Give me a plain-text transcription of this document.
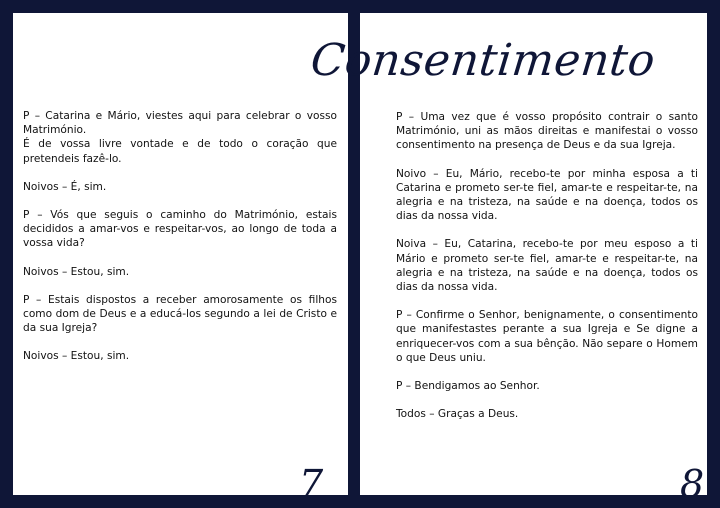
P – Catarina e Mário, viestes aqui para celebrar o vosso Matrimónio.
É de vossa livre vontade e de todo o coração que pretendeis fazê-lo.

Noivos – É, sim.

P – Vós que seguis o caminho do Matrimónio, estais decididos a amar-vos e respeitar-vos, ao longo de toda a vossa vida?

Noivos – Estou, sim.

P – Estais dispostos a receber amorosamente os filhos como dom de Deus e a educá-los segundo a lei de Cristo e da sua Igreja?

Noivos – Estou, sim.

7
Consentimento

P – Uma vez que é vosso propósito contrair o santo Matrimónio, uni as mãos direitas e manifestai o vosso consentimento na presença de Deus e da sua Igreja.

Noivo – Eu, Mário, recebo-te por minha esposa a ti Catarina e prometo ser-te fiel, amar-te e respeitar-te, na alegria e na tristeza, na saúde e na doença, todos os dias da nossa vida.

Noiva – Eu, Catarina, recebo-te por meu esposo a ti Mário e prometo ser-te fiel, amar-te e respeitar-te, na alegria e na tristeza, na saúde e na doença, todos os dias da nossa vida.

P – Confirme o Senhor, benignamente, o consentimento que manifestastes perante a sua Igreja e Se digne a enriquecer-vos com a sua bênção. Não separe o Homem o que Deus uniu.

P – Bendigamos ao Senhor.

Todos – Graças a Deus.

8
